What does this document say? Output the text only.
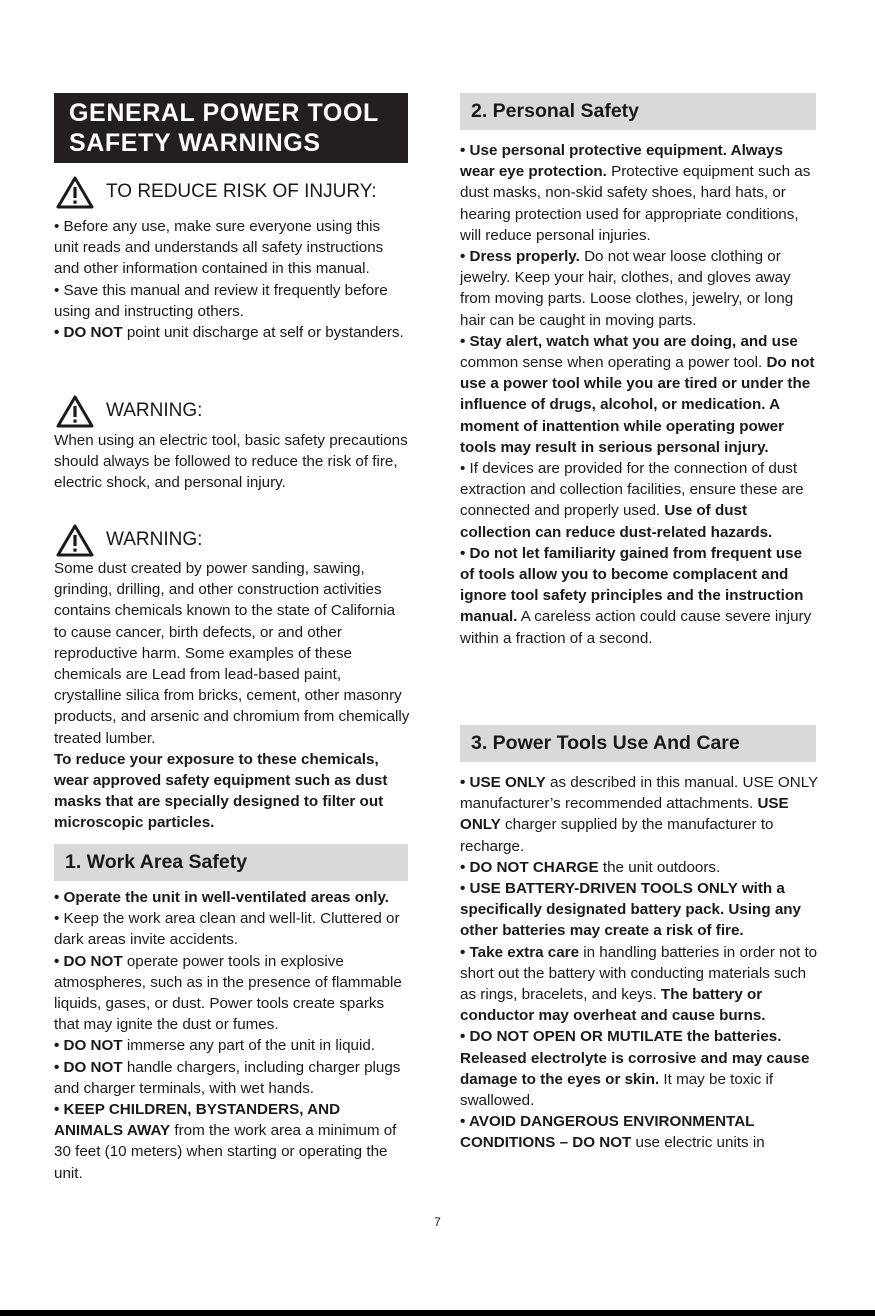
GENERAL POWER TOOL
SAFETY WARNINGS
TO REDUCE RISK OF INJURY:

• Before any use, make sure everyone using this unit reads and understands all safety instructions and other information contained in this manual.

• Save this manual and review it frequently before using and instructing others.

• DO NOT point unit discharge at self or bystanders.

WARNING:

When using an electric tool, basic safety precautions should always be followed to reduce the risk of fire, electric shock, and personal injury.

WARNING:

Some dust created by power sanding, sawing, grinding, drilling, and other construction activities contains chemicals known to the state of California to cause cancer, birth defects, or and other reproductive harm. Some examples of these chemicals are Lead from lead-based paint, crystalline silica from bricks, cement, other masonry products, and arsenic and chromium from chemically treated lumber.

To reduce your exposure to these chemicals, wear approved safety equipment such as dust masks that are specially designed to filter out microscopic particles.

1. Work Area Safety

• Operate the unit in well-ventilated areas only.

• Keep the work area clean and well-lit. Cluttered or dark areas invite accidents.

• DO NOT operate power tools in explosive atmospheres, such as in the presence of flammable liquids, gases, or dust. Power tools create sparks that may ignite the dust or fumes.

• DO NOT immerse any part of the unit in liquid.

• DO NOT handle chargers, including charger plugs and charger terminals, with wet hands.

• KEEP CHILDREN, BYSTANDERS, AND ANIMALS AWAY from the work area a minimum of 30 feet (10 meters) when starting or operating the unit.

2. Personal Safety

• Use personal protective equipment. Always wear eye protection. Protective equipment such as dust masks, non-skid safety shoes, hard hats, or hearing protection used for appropriate conditions, will reduce personal injuries.

• Dress properly. Do not wear loose clothing or jewelry. Keep your hair, clothes, and gloves away from moving parts. Loose clothes, jewelry, or long hair can be caught in moving parts.

• Stay alert, watch what you are doing, and use common sense when operating a power tool. Do not use a power tool while you are tired or under the influence of drugs, alcohol, or medication. A moment of inattention while operating power tools may result in serious personal injury.

• If devices are provided for the connection of dust extraction and collection facilities, ensure these are connected and properly used. Use of dust collection can reduce dust-related hazards.

• Do not let familiarity gained from frequent use of tools allow you to become complacent and ignore tool safety principles and the instruction manual. A careless action could cause severe injury within a fraction of a second.

3. Power Tools Use And Care

• USE ONLY as described in this manual. USE ONLY manufacturer’s recommended attachments. USE ONLY charger supplied by the manufacturer to recharge.

• DO NOT CHARGE the unit outdoors.

• USE BATTERY-DRIVEN TOOLS ONLY with a specifically designated battery pack. Using any other batteries may create a risk of fire.

• Take extra care in handling batteries in order not to short out the battery with conducting materials such as rings, bracelets, and keys. The battery or conductor may overheat and cause burns.

• DO NOT OPEN OR MUTILATE the batteries. Released electrolyte is corrosive and may cause damage to the eyes or skin. It may be toxic if swallowed.

• AVOID DANGEROUS ENVIRONMENTAL CONDITIONS – DO NOT use electric units in

7
